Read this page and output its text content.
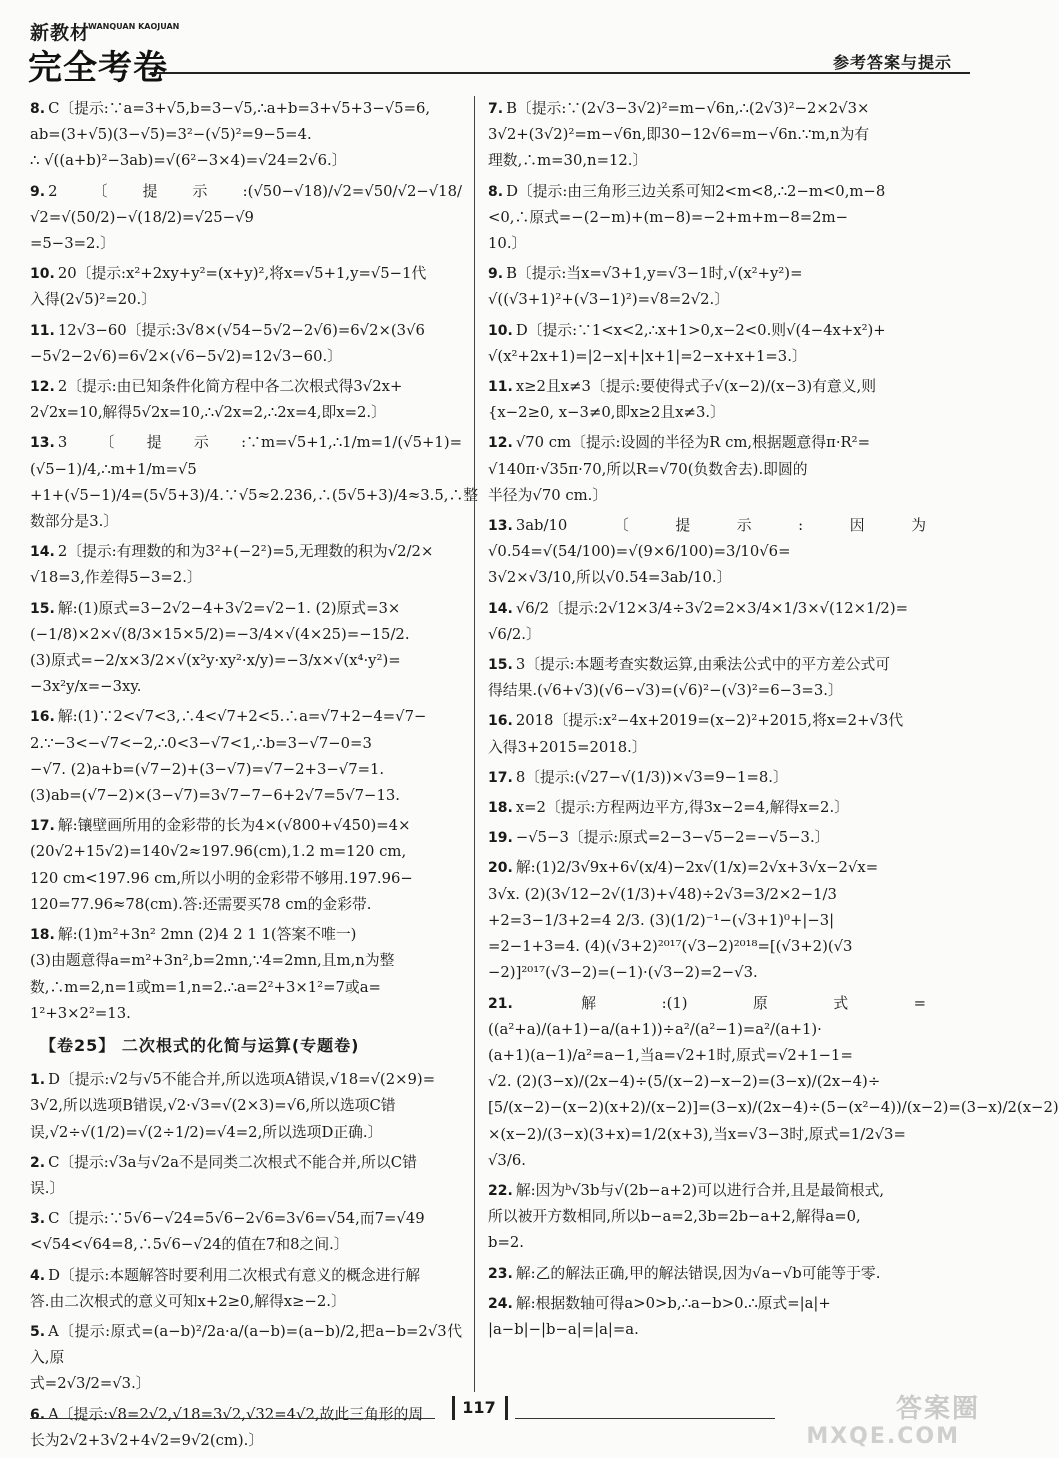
新教材
WANQUAN KAOJUAN
完全考卷	参考答案与提示
8. C〔提示:∵a=3+√5,b=3−√5,∴a+b=3+√5+3−√5=6,
ab=(3+√5)(3−√5)=3²−(√5)²=9−5=4.
∴ √((a+b)²−3ab)=√(6²−3×4)=√24=2√6.〕
9. 2〔提示:(√50−√18)/√2=√50/√2−√18/√2=√(50/2)−√(18/2)=√25−√9
=5−3=2.〕
10. 20〔提示:x²+2xy+y²=(x+y)²,将x=√5+1,y=√5−1代
入得(2√5)²=20.〕
11. 12√3−60〔提示:3√8×(√54−5√2−2√6)=6√2×(3√6
−5√2−2√6)=6√2×(√6−5√2)=12√3−60.〕
12. 2〔提示:由已知条件化简方程中各二次根式得3√2x+
2√2x=10,解得5√2x=10,∴√2x=2,∴2x=4,即x=2.〕
13. 3〔提示:∵m=√5+1,∴1/m=1/(√5+1)=(√5−1)/4,∴m+1/m=√5
+1+(√5−1)/4=(5√5+3)/4.∵√5≈2.236,∴(5√5+3)/4≈3.5,∴整
数部分是3.〕
14. 2〔提示:有理数的和为3²+(−2²)=5,无理数的积为√2/2×
√18=3,作差得5−3=2.〕
15. 解:(1)原式=3−2√2−4+3√2=√2−1. (2)原式=3×
(−1/8)×2×√(8/3×15×5/2)=−3/4×√(4×25)=−15/2.
(3)原式=−2/x×3/2×√(x²y·xy²·x/y)=−3/x×√(x⁴·y²)=
−3x²y/x=−3xy.
16. 解:(1)∵2<√7<3,∴4<√7+2<5.∴a=√7+2−4=√7−
2.∵−3<−√7<−2,∴0<3−√7<1,∴b=3−√7−0=3
−√7. (2)a+b=(√7−2)+(3−√7)=√7−2+3−√7=1.
(3)ab=(√7−2)×(3−√7)=3√7−7−6+2√7=5√7−13.
17. 解:镶壁画所用的金彩带的长为4×(√800+√450)=4×
(20√2+15√2)=140√2≈197.96(cm),1.2 m=120 cm,
120 cm<197.96 cm,所以小明的金彩带不够用.197.96−
120=77.96≈78(cm).答:还需要买78 cm的金彩带.
18. 解:(1)m²+3n² 2mn (2)4 2 1 1(答案不唯一)
(3)由题意得a=m²+3n²,b=2mn,∵4=2mn,且m,n为整
数,∴m=2,n=1或m=1,n=2.∴a=2²+3×1²=7或a=
1²+3×2²=13.
【卷25】 二次根式的化简与运算(专题卷)
1. D〔提示:√2与√5不能合并,所以选项A错误,√18=√(2×9)=
3√2,所以选项B错误,√2·√3=√(2×3)=√6,所以选项C错
误,√2÷√(1/2)=√(2÷1/2)=√4=2,所以选项D正确.〕
2. C〔提示:√3a与√2a不是同类二次根式不能合并,所以C错
误.〕
3. C〔提示:∵5√6−√24=5√6−2√6=3√6=√54,而7=√49
<√54<√64=8,∴5√6−√24的值在7和8之间.〕
4. D〔提示:本题解答时要利用二次根式有意义的概念进行解
答.由二次根式的意义可知x+2≥0,解得x≥−2.〕
5. A〔提示:原式=(a−b)²/2a·a/(a−b)=(a−b)/2,把a−b=2√3代入,原
式=2√3/2=√3.〕
6. A〔提示:√8=2√2,√18=3√2,√32=4√2,故此三角形的周
长为2√2+3√2+4√2=9√2(cm).〕
7. B〔提示:∵(2√3−3√2)²=m−√6n,∴(2√3)²−2×2√3×
3√2+(3√2)²=m−√6n,即30−12√6=m−√6n.∵m,n为有
理数,∴m=30,n=12.〕
8. D〔提示:由三角形三边关系可知2<m<8,∴2−m<0,m−8
<0,∴原式=−(2−m)+(m−8)=−2+m+m−8=2m−
10.〕
9. B〔提示:当x=√3+1,y=√3−1时,√(x²+y²)=
√((√3+1)²+(√3−1)²)=√8=2√2.〕
10. D〔提示:∵1<x<2,∴x+1>0,x−2<0.则√(4−4x+x²)+
√(x²+2x+1)=|2−x|+|x+1|=2−x+x+1=3.〕
11. x≥2且x≠3〔提示:要使得式子√(x−2)/(x−3)有意义,则
{x−2≥0, x−3≠0,即x≥2且x≠3.〕
12. √70 cm〔提示:设圆的半径为R cm,根据题意得π·R²=
√140π·√35π·70,所以R=√70(负数舍去).即圆的
半径为√70 cm.〕
13. 3ab/10〔提示:因为√0.54=√(54/100)=√(9×6/100)=3/10√6=
3√2×√3/10,所以√0.54=3ab/10.〕
14. √6/2〔提示:2√12×3/4÷3√2=2×3/4×1/3×√(12×1/2)=
√6/2.〕
15. 3〔提示:本题考查实数运算,由乘法公式中的平方差公式可
得结果.(√6+√3)(√6−√3)=(√6)²−(√3)²=6−3=3.〕
16. 2018〔提示:x²−4x+2019=(x−2)²+2015,将x=2+√3代
入得3+2015=2018.〕
17. 8〔提示:(√27−√(1/3))×√3=9−1=8.〕
18. x=2〔提示:方程两边平方,得3x−2=4,解得x=2.〕
19. −√5−3〔提示:原式=2−3−√5−2=−√5−3.〕
20. 解:(1)2/3√9x+6√(x/4)−2x√(1/x)=2√x+3√x−2√x=
3√x. (2)(3√12−2√(1/3)+√48)÷2√3=3/2×2−1/3
+2=3−1/3+2=4 2/3. (3)(1/2)⁻¹−(√3+1)⁰+|−3|
=2−1+3=4. (4)(√3+2)²⁰¹⁷(√3−2)²⁰¹⁸=[(√3+2)(√3
−2)]²⁰¹⁷(√3−2)=(−1)·(√3−2)=2−√3.
21. 解:(1)原式=((a²+a)/(a+1)−a/(a+1))÷a²/(a²−1)=a²/(a+1)·
(a+1)(a−1)/a²=a−1,当a=√2+1时,原式=√2+1−1=
√2. (2)(3−x)/(2x−4)÷(5/(x−2)−x−2)=(3−x)/(2x−4)÷
[5/(x−2)−(x−2)(x+2)/(x−2)]=(3−x)/(2x−4)÷(5−(x²−4))/(x−2)=(3−x)/2(x−2)
×(x−2)/(3−x)(3+x)=1/2(x+3),当x=√3−3时,原式=1/2√3=
√3/6.
22. 解:因为ᵇ√3b与√(2b−a+2)可以进行合并,且是最简根式,
所以被开方数相同,所以b−a=2,3b=2b−a+2,解得a=0,
b=2.
23. 解:乙的解法正确,甲的解法错误,因为√a−√b可能等于零.
24. 解:根据数轴可得a>0>b,∴a−b>0.∴原式=|a|+
|a−b|−|b−a|=|a|=a.
117	答案圈
MXQE.COM
